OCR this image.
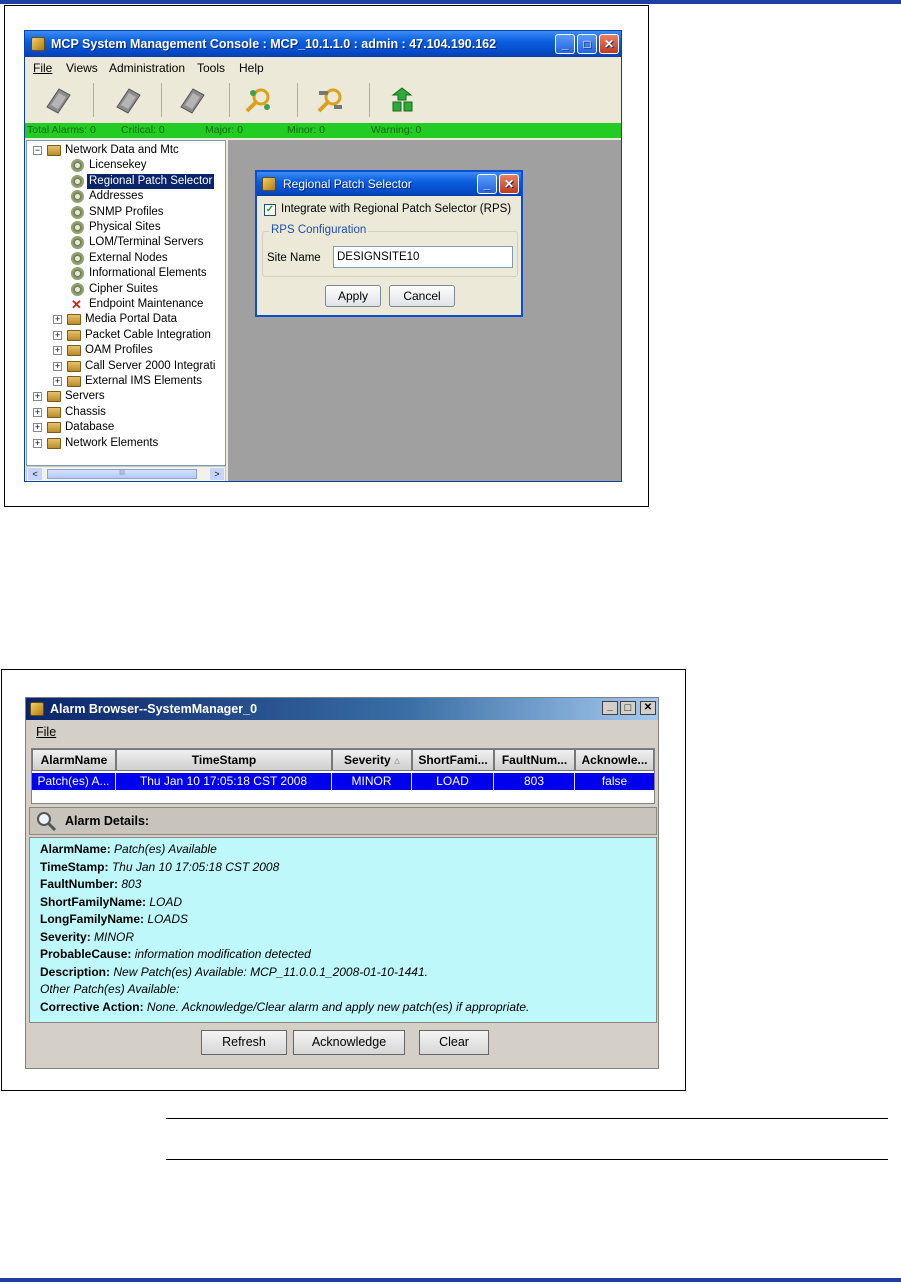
MCP System Management Console : MCP_10.1.1.0 : admin : 47.104.190.162	_	□	✕
File Views Administration Tools Help
Total Alarms: 0 Critical: 0	Major: 0	Minor: 0	Warning: 0
− Network Data and Mtc
Licensekey
Regional Patch Selector
Addresses
SNMP Profiles
Physical Sites
LOM/Terminal Servers
External Nodes
Informational Elements
Cipher Suites
✕ Endpoint Maintenance
+ Media Portal Data
+ Packet Cable Integration
+ OAM Profiles
+ Call Server 2000 Integrati
+ External IMS Elements
+ Servers
+ Chassis
+ Database
+ Network Elements
<	III	>
Regional Patch Selector	_	✕
✓ Integrate with Regional Patch Selector (RPS)
RPS Configuration
Site Name
DESIGNSITE10
Apply	Cancel
Alarm Browser--SystemManager_0	_	□	✕
File
AlarmName	TimeStamp	Severity ▵	ShortFami...	FaultNum...	Acknowle...
Patch(es) A...	Thu Jan 10 17:05:18 CST 2008	MINOR	LOAD	803	false
Alarm Details:
AlarmName: Patch(es) Available
TimeStamp: Thu Jan 10 17:05:18 CST 2008
FaultNumber: 803
ShortFamilyName: LOAD
LongFamilyName: LOADS
Severity: MINOR
ProbableCause: information modification detected
Description: New Patch(es) Available: MCP_11.0.0.1_2008-01-10-1441.
Other Patch(es) Available:
Corrective Action: None. Acknowledge/Clear alarm and apply new patch(es) if appropriate.
Refresh	Acknowledge	Clear
